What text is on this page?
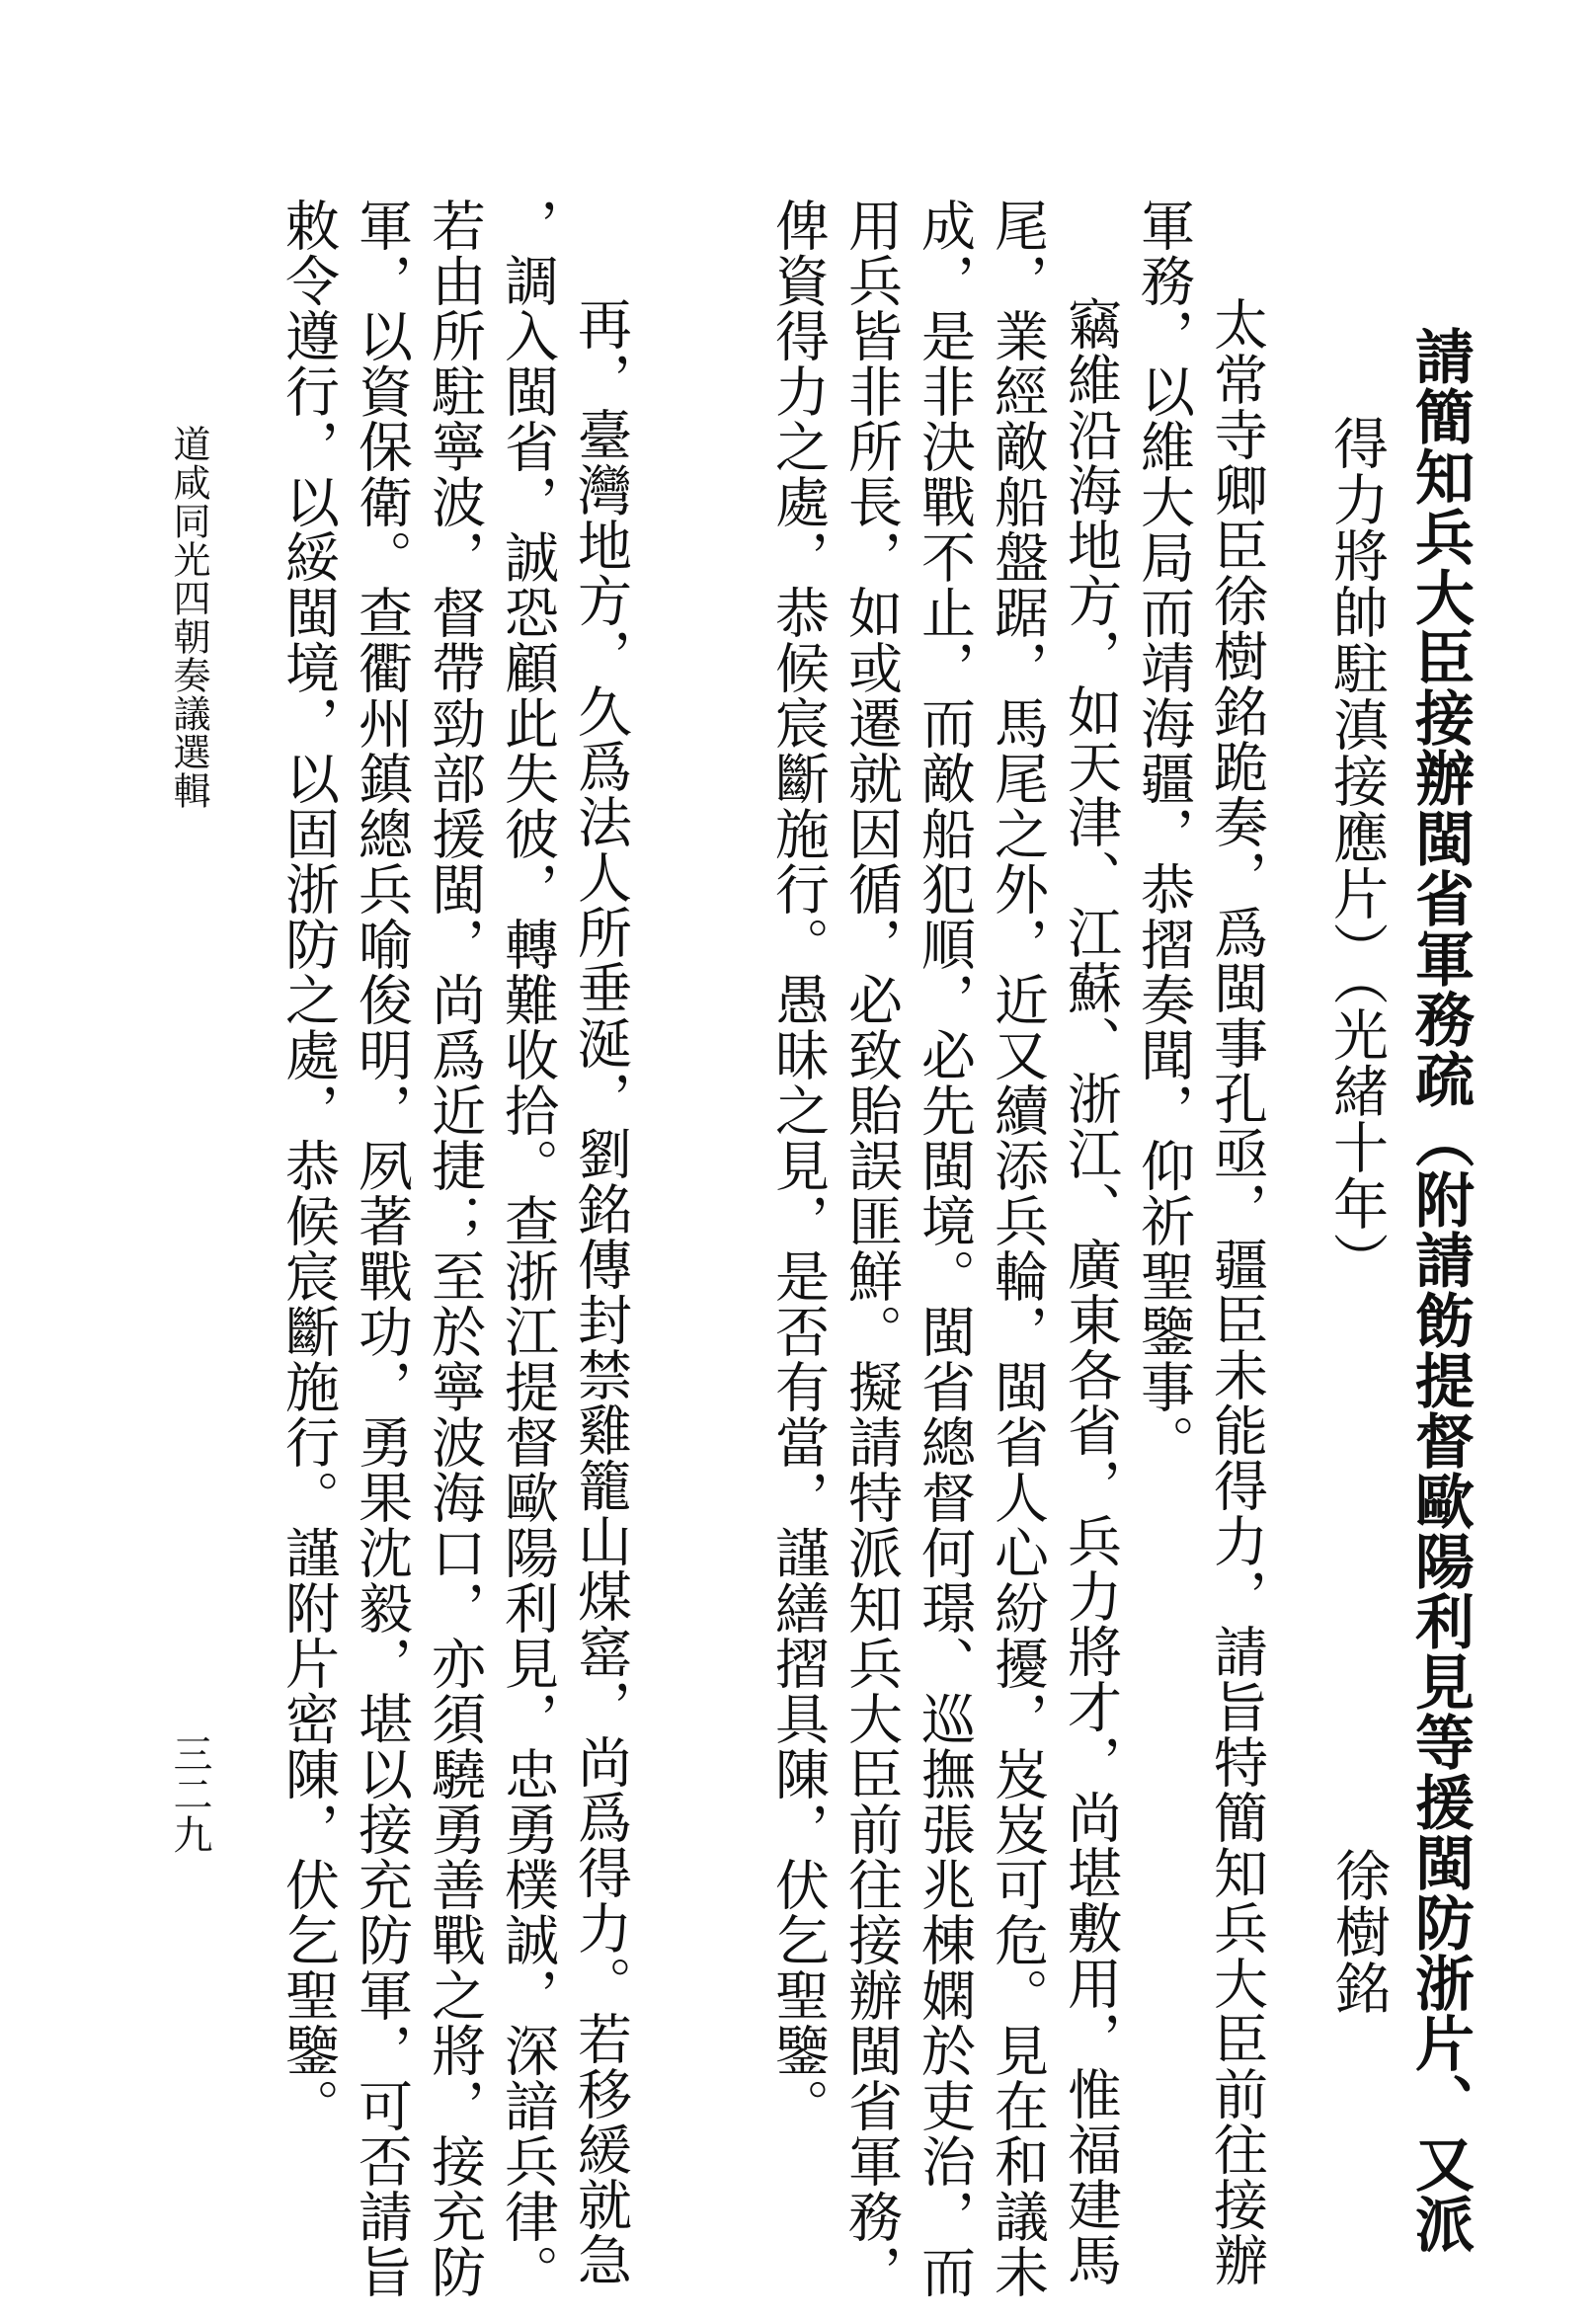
請簡知兵大臣接辦閩省軍務疏（附請飭提督歐陽利見等援閩防浙片、又派
得力將帥駐滇接應片）（光緒十年）
徐樹銘
太常寺卿臣徐樹銘跪奏，爲閩事孔亟，疆臣未能得力，請旨特簡知兵大臣前往接辦
軍務，以維大局而靖海疆，恭摺奏聞，仰祈聖鑒事。
竊維沿海地方，如天津、江蘇、浙江、廣東各省，兵力將才，尚堪敷用，惟福建馬
尾，業經敵船盤踞，馬尾之外，近又續添兵輪，閩省人心紛擾，岌岌可危。見在和議未
成，是非決戰不止，而敵船犯順，必先閩境。閩省總督何璟、巡撫張兆棟嫻於吏治，而
用兵皆非所長，如或遷就因循，必致貽誤匪鮮。擬請特派知兵大臣前往接辦閩省軍務，
俾資得力之處，恭候宸斷施行。愚昧之見，是否有當，謹繕摺具陳，伏乞聖鑒。
再，臺灣地方，久爲法人所垂涎，劉銘傳封禁雞籠山煤窰，尚爲得力。若移緩就急
，調入閩省，誠恐顧此失彼，轉難收拾。查浙江提督歐陽利見，忠勇樸誠，深諳兵律。
若由所駐寧波，督帶勁部援閩，尚爲近捷；至於寧波海口，亦須驍勇善戰之將，接充防
軍，以資保衛。查衢州鎮總兵喻俊明，夙著戰功，勇果沈毅，堪以接充防軍，可否請旨
敕令遵行，以綏閩境，以固浙防之處，恭候宸斷施行。謹附片密陳，伏乞聖鑒。
道咸同光四朝奏議選輯
三二九
